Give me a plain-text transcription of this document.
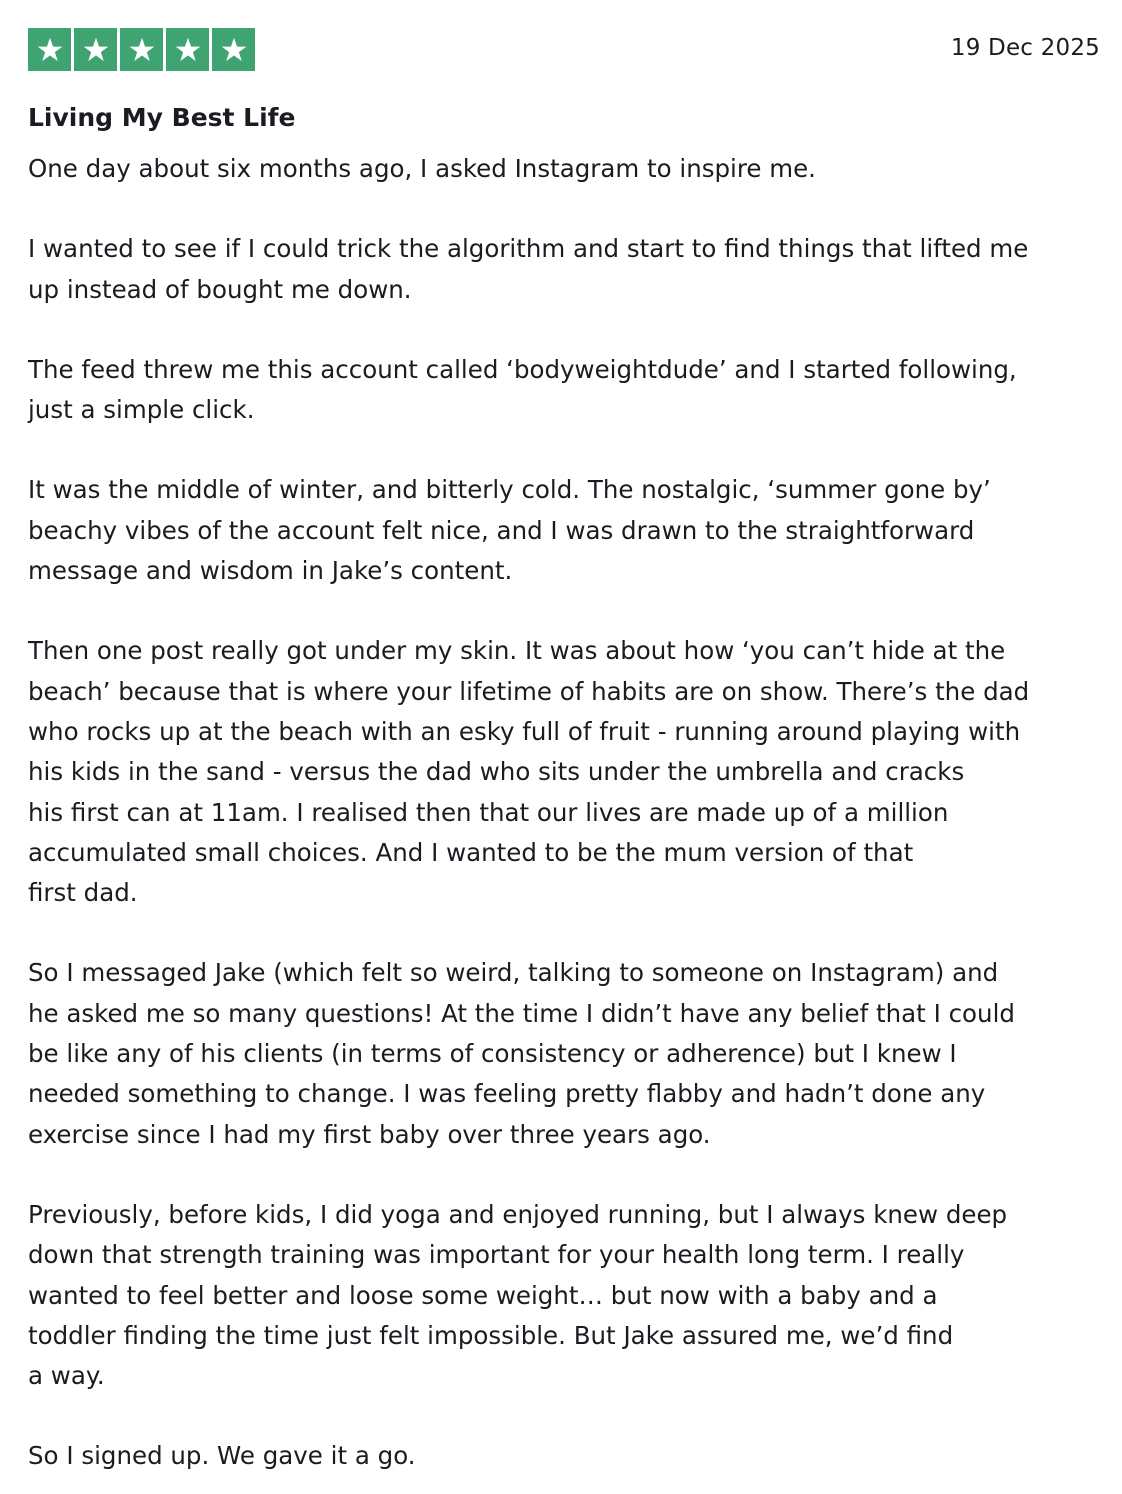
19 Dec 2025
Living My Best Life

One day about six months ago, I asked Instagram to inspire me.

I wanted to see if I could trick the algorithm and start to find things that lifted me
up instead of bought me down.

The feed threw me this account called ‘bodyweightdude’ and I started following,
just a simple click.

It was the middle of winter, and bitterly cold. The nostalgic, ‘summer gone by’
beachy vibes of the account felt nice, and I was drawn to the straightforward
message and wisdom in Jake’s content.

Then one post really got under my skin. It was about how ‘you can’t hide at the
beach’ because that is where your lifetime of habits are on show. There’s the dad
who rocks up at the beach with an esky full of fruit - running around playing with
his kids in the sand - versus the dad who sits under the umbrella and cracks
his first can at 11am. I realised then that our lives are made up of a million
accumulated small choices. And I wanted to be the mum version of that
first dad.

So I messaged Jake (which felt so weird, talking to someone on Instagram) and
he asked me so many questions! At the time I didn’t have any belief that I could
be like any of his clients (in terms of consistency or adherence) but I knew I
needed something to change. I was feeling pretty flabby and hadn’t done any
exercise since I had my first baby over three years ago.

Previously, before kids, I did yoga and enjoyed running, but I always knew deep
down that strength training was important for your health long term. I really
wanted to feel better and loose some weight… but now with a baby and a
toddler finding the time just felt impossible. But Jake assured me, we’d find
a way.

So I signed up. We gave it a go.
